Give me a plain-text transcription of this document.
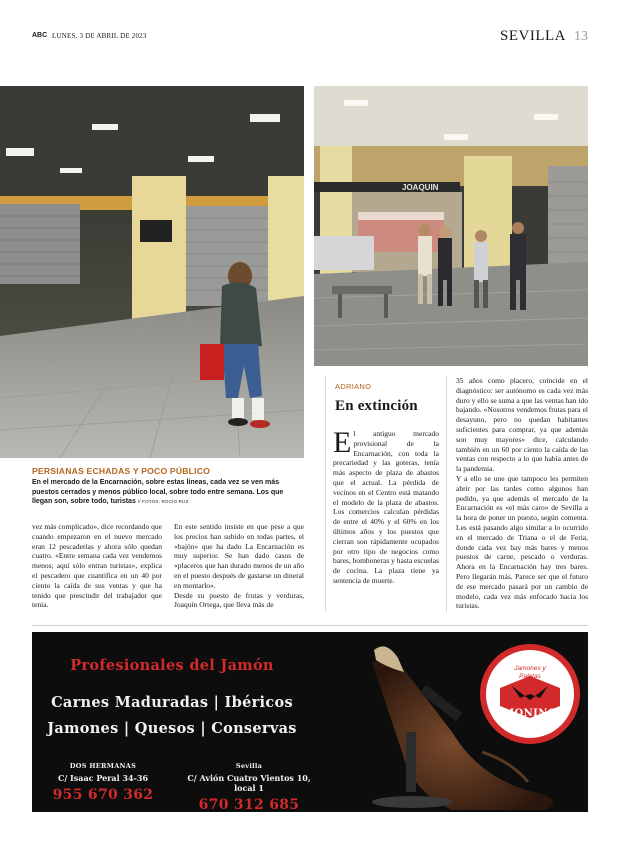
ABC LUNES, 3 DE ABRIL DE 2023	SEVILLA 13
JOAQUIN
PERSIANAS ECHADAS Y POCO PÚBLICO
En el mercado de la Encarnación, sobre estas líneas, cada vez se ven más puestos cerrados y menos público local, sobre todo entre semana. Los que llegan son, sobre todo, turistas // FOTOS: ROCÍO RUZ
vez más complicado», dice recordando que cuando empezaron en el nuevo mercado eran 12 pescaderías y ahora sólo quedan cuatro. «Entre semana cada vez vendemos menos; aquí sólo entran turistas», explica el pescadero que cuantifica en un 40 por ciento la caída de sus ventas y que ha tenido que prescindir del trabajador que tenía.
En este sentido insiste en que pese a que los precios han subido en todas partes, el «bajón» que ha dado La Encarnación es muy superior. Se han dado casos de «placeros que han durado menos de un año en el puesto después de gastarse un dineral en montarlo».
Desde su puesto de frutas y verduras, Joaquín Ortega, que lleva más de
ADRIANO
En extinción
El antiguo mercado provisional de la Encarnación, con toda la precariedad y las goteras, tenía más aspecto de plaza de abastos que el actual. La pérdida de vecinos en el Centro está matando el modelo de la plaza de abastos. Los comercios calculan pérdidas de entre el 40% y el 60% en los últimos años y los puestos que cierran son rápidamente ocupados por otro tipo de negocios como bares, bomboneras y hasta escuelas de cocina. La plaza tiene ya sentencia de muerte.
35 años como placero, coincide en el diagnóstico: ser autónomo es cada vez más duro y ello se suma a que las ventas han ido bajando. «Nosotros vendemos frutas para el desayuno, pero no quedan habitantes suficientes para comprar, ya que además son muy mayores» dice, calculando también en un 60 por ciento la caída de las ventas con respecto a lo que había antes de la pandemia.
Y a ello se une que tampoco les permiten abrir por las tardes como algunos han pedido, ya que además el mercado de la Encarnación es «el más caro» de Sevilla a la hora de poner un puesto, según comenta. Les está pasando algo similar a lo ocurrido en el mercado de Triana o el de Feria, donde cada vez hay más bares y menos puestos de carne, pescado o verduras. Ahora en la Encarnación hay tres bares. Pero llegarán más. Parece ser que el futuro de ese mercado pasará por un cambio de modelo, cada vez más enfocado hacia los turistas.
Profesionales del Jamón
Carnes Maduradas | Ibéricos
Jamones | Quesos | Conservas
DOS HERMANAS
C/ Isaac Peral 34-36
955 670 362
Sevilla
C/ Avión Cuatro Vientos 10, local 1
670 312 685
Jamones y
Paletas
MONINO
